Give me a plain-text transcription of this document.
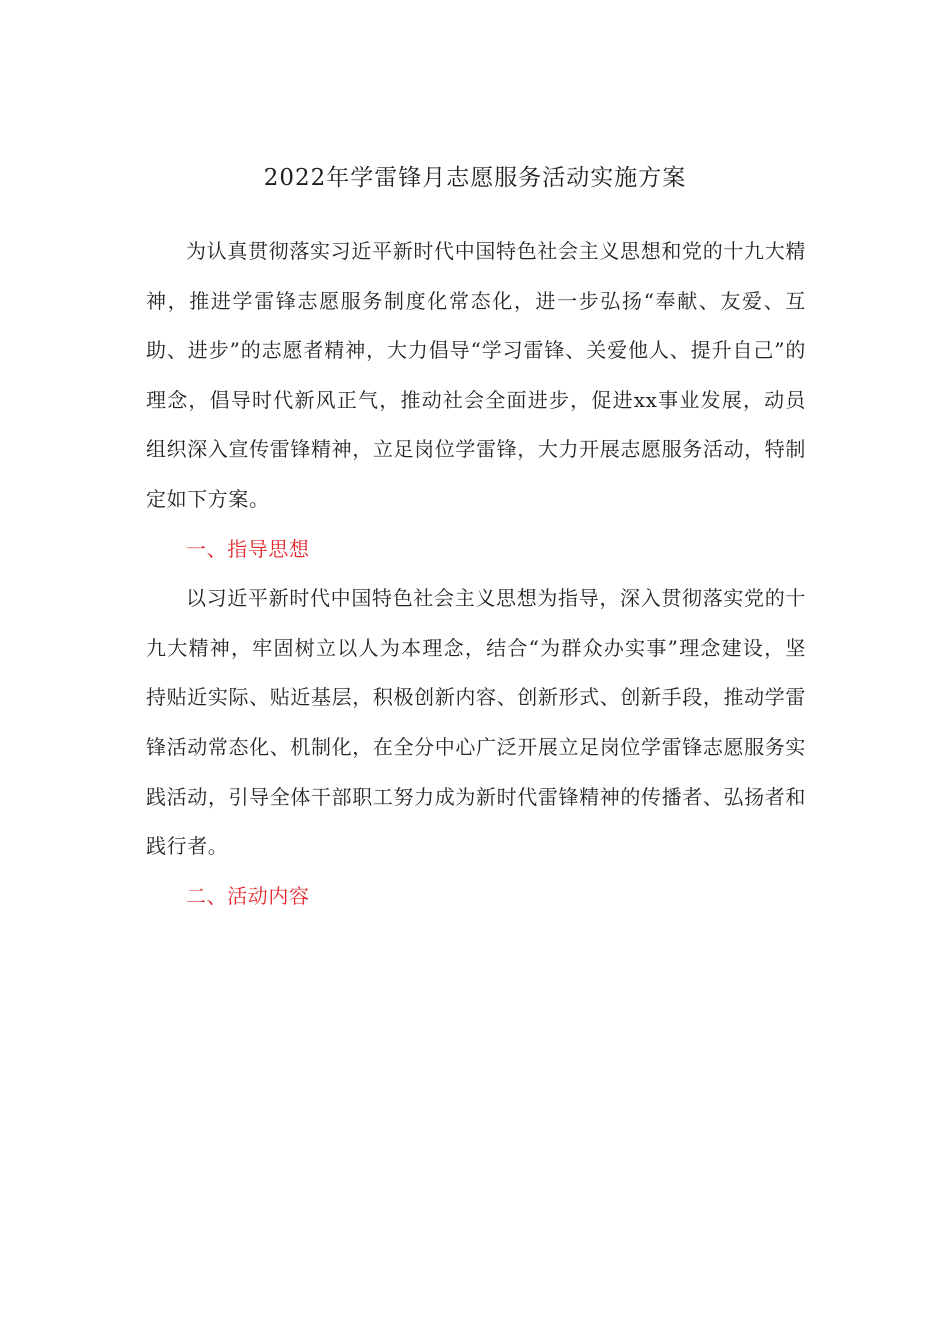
2022年学雷锋月志愿服务活动实施方案

为认真贯彻落实习近平新时代中国特色社会主义思想和党的十九大精神，推进学雷锋志愿服务制度化常态化，进一步弘扬“奉献、友爱、互助、进步”的志愿者精神，大力倡导“学习雷锋、关爱他人、提升自己”的理念，倡导时代新风正气，推动社会全面进步，促进xx事业发展，动员组织深入宣传雷锋精神，立足岗位学雷锋，大力开展志愿服务活动，特制定如下方案。

一、指导思想

以习近平新时代中国特色社会主义思想为指导，深入贯彻落实党的十九大精神，牢固树立以人为本理念，结合“为群众办实事”理念建设，坚持贴近实际、贴近基层，积极创新内容、创新形式、创新手段，推动学雷锋活动常态化、机制化，在全分中心广泛开展立足岗位学雷锋志愿服务实践活动，引导全体干部职工努力成为新时代雷锋精神的传播者、弘扬者和践行者。

二、活动内容
